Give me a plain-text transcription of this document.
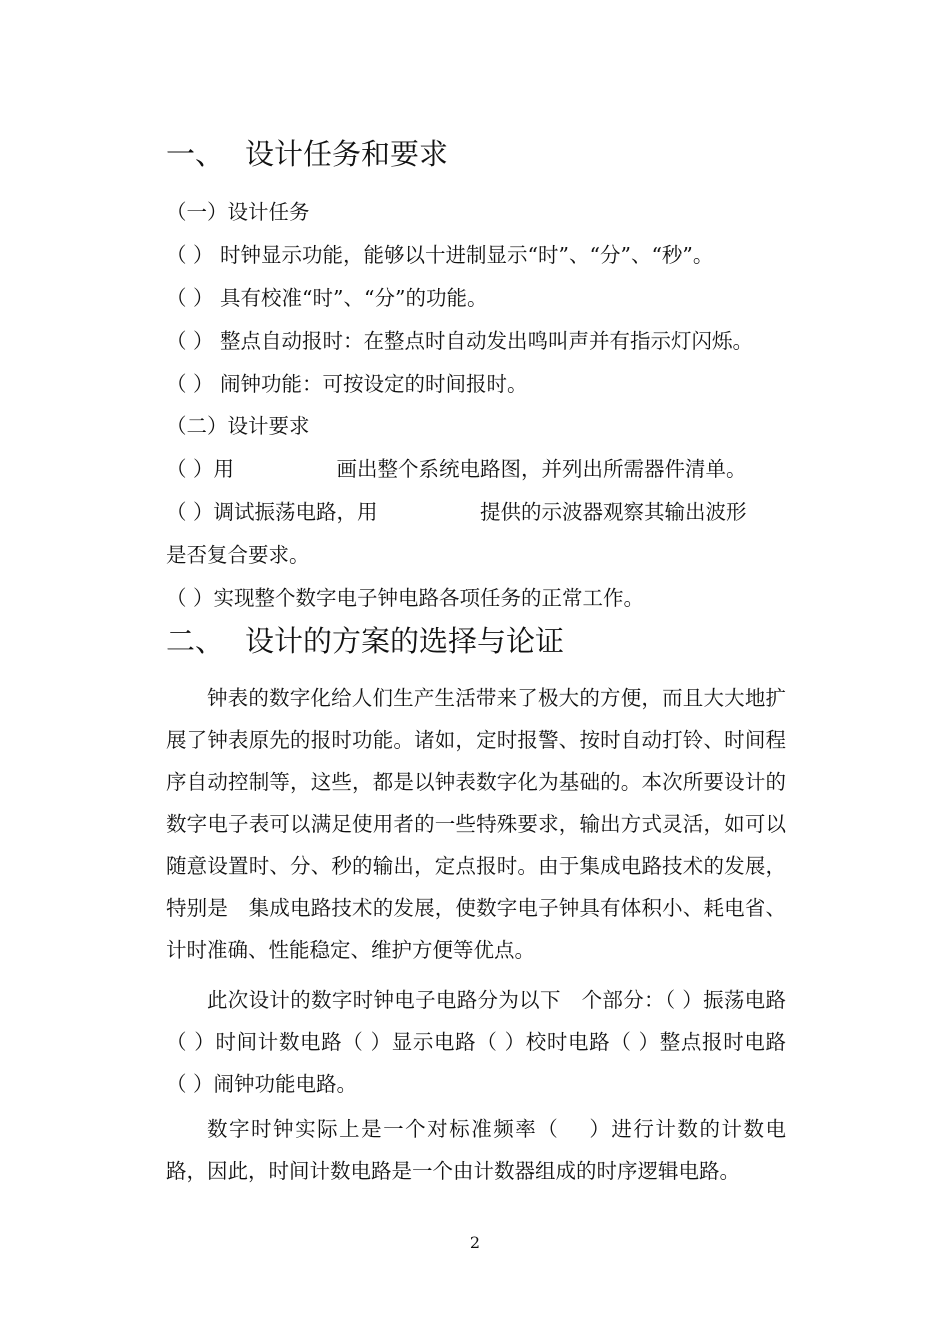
一、 设计任务和要求
（一）设计任务
（ ） 时钟显示功能，能够以十进制显示“时”、“分”、“秒”。
（ ） 具有校准“时”、“分”的功能。
（ ） 整点自动报时：在整点时自动发出鸣叫声并有指示灯闪烁。
（ ） 闹钟功能：可按设定的时间报时。
（二）设计要求
（ ）用　　　　　画出整个系统电路图，并列出所需器件清单。
（ ）调试振荡电路，用　　　　　提供的示波器观察其输出波形
是否复合要求。
（ ）实现整个数字电子钟电路各项任务的正常工作。
二、 设计的方案的选择与论证

钟表的数字化给人们生产生活带来了极大的方便，而且大大地扩展了钟表原先的报时功能。诸如，定时报警、按时自动打铃、时间程序自动控制等，这些，都是以钟表数字化为基础的。本次所要设计的数字电子表可以满足使用者的一些特殊要求，输出方式灵活，如可以随意设置时、分、秒的输出，定点报时。由于集成电路技术的发展，特别是　集成电路技术的发展，使数字电子钟具有体积小、耗电省、计时准确、性能稳定、维护方便等优点。

此次设计的数字时钟电子电路分为以下　个部分：（ ）振荡电路（ ）时间计数电路（ ）显示电路（ ）校时电路（ ）整点报时电路（ ）闹钟功能电路。

数字时钟实际上是一个对标准频率（　 ）进行计数的计数电路，因此，时间计数电路是一个由计数器组成的时序逻辑电路。

2
